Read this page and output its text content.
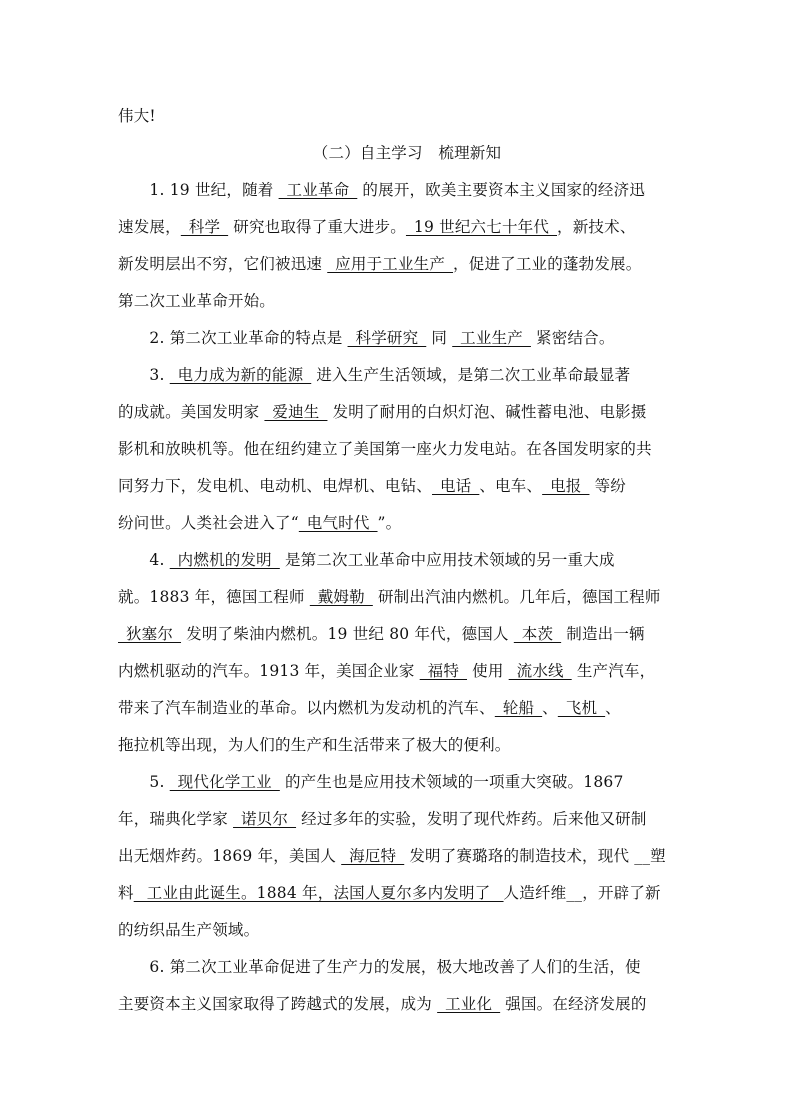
伟大!
（二）自主学习　梳理新知
　　1. 19 世纪，随着  工业革命  的展开，欧美主要资本主义国家的经济迅
速发展， 科学  研究也取得了重大进步。 19 世纪六七十年代 ，新技术、
新发明层出不穷，它们被迅速  应用于工业生产 ，促进了工业的蓬勃发展。
第二次工业革命开始。
　　2. 第二次工业革命的特点是  科学研究  同  工业生产  紧密结合。
　　3.  电力成为新的能源  进入生产生活领域，是第二次工业革命最显著
的成就。美国发明家  爱迪生  发明了耐用的白炽灯泡、碱性蓄电池、电影摄
影机和放映机等。他在纽约建立了美国第一座火力发电站。在各国发明家的共
同努力下，发电机、电动机、电焊机、电钻、 电话 、电车、 电报  等纷
纷问世。人类社会进入了“ 电气时代 ”。
　　4.  内燃机的发明  是第二次工业革命中应用技术领域的另一重大成
就。1883 年，德国工程师  戴姆勒  研制出汽油内燃机。几年后，德国工程师
 狄塞尔  发明了柴油内燃机。19 世纪 80 年代，德国人  本茨  制造出一辆
内燃机驱动的汽车。1913 年，美国企业家  福特  使用  流水线  生产汽车，
带来了汽车制造业的革命。以内燃机为发动机的汽车、 轮船 、 飞机 、
拖拉机等出现，为人们的生产和生活带来了极大的便利。
　　5.  现代化学工业  的产生也是应用技术领域的一项重大突破。1867
年，瑞典化学家  诺贝尔  经过多年的实验，发明了现代炸药。后来他又研制
出无烟炸药。1869 年，美国人  海厄特  发明了赛璐珞的制造技术，现代 __塑
料  工业由此诞生。1884 年，法国人夏尔多内发明了  人造纤维__，开辟了新
的纺织品生产领域。
　　6. 第二次工业革命促进了生产力的发展，极大地改善了人们的生活，使
主要资本主义国家取得了跨越式的发展，成为  工业化  强国。在经济发展的
